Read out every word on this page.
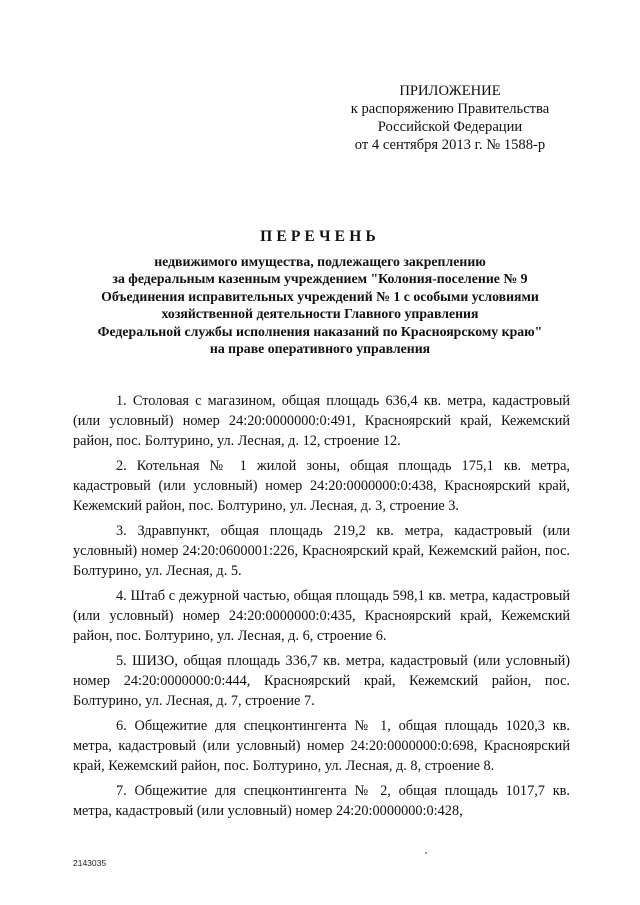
ПРИЛОЖЕНИЕ
к распоряжению Правительства
Российской Федерации
от 4 сентября 2013 г. № 1588-р
ПЕРЕЧЕНЬ
недвижимого имущества, подлежащего закреплению
за федеральным казенным учреждением "Колония-поселение № 9
Объединения исправительных учреждений № 1 с особыми условиями
хозяйственной деятельности Главного управления
Федеральной службы исполнения наказаний по Красноярскому краю"
на праве оперативного управления

1. Столовая с магазином, общая площадь 636,4 кв. метра, кадастровый (или условный) номер 24:20:0000000:0:491, Красноярский край, Кежемский район, пос. Болтурино, ул. Лесная, д. 12, строение 12.

2. Котельная № 1 жилой зоны, общая площадь 175,1 кв. метра, кадастровый (или условный) номер 24:20:0000000:0:438, Красноярский край, Кежемский район, пос. Болтурино, ул. Лесная, д. 3, строение 3.

3. Здравпункт, общая площадь 219,2 кв. метра, кадастровый (или условный) номер 24:20:0600001:226, Красноярский край, Кежемский район, пос. Болтурино, ул. Лесная, д. 5.

4. Штаб с дежурной частью, общая площадь 598,1 кв. метра, кадастровый (или условный) номер 24:20:0000000:0:435, Красноярский край, Кежемский район, пос. Болтурино, ул. Лесная, д. 6, строение 6.

5. ШИЗО, общая площадь 336,7 кв. метра, кадастровый (или условный) номер 24:20:0000000:0:444, Красноярский край, Кежемский район, пос. Болтурино, ул. Лесная, д. 7, строение 7.

6. Общежитие для спецконтингента № 1, общая площадь 1020,3 кв. метра, кадастровый (или условный) номер 24:20:0000000:0:698, Красноярский край, Кежемский район, пос. Болтурино, ул. Лесная, д. 8, строение 8.

7. Общежитие для спецконтингента № 2, общая площадь 1017,7 кв. метра, кадастровый (или условный) номер 24:20:0000000:0:428,

2143035
